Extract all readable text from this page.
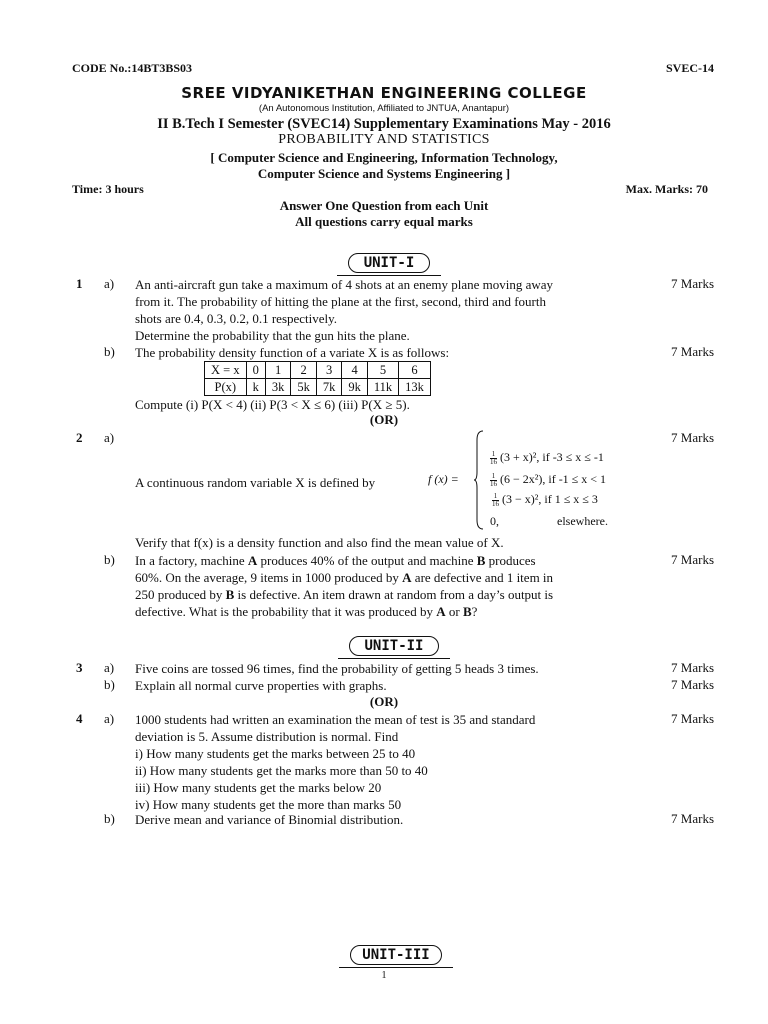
CODE No.:14BT3BS03	SVEC-14
SREE VIDYANIKETHAN ENGINEERING COLLEGE
(An Autonomous Institution, Affiliated to JNTUA, Anantapur)
II B.Tech I Semester (SVEC14) Supplementary Examinations May - 2016
PROBABILITY AND STATISTICS
[ Computer Science and Engineering, Information Technology,
Computer Science and Systems Engineering ]
Time: 3 hours	Max. Marks: 70
Answer One Question from each Unit
All questions carry equal marks
UNIT-I
1 a) An anti-aircraft gun take a maximum of 4 shots at an enemy plane moving away
from it. The probability of hitting the plane at the first, second, third and fourth
shots are 0.4, 0.3, 0.2, 0.1 respectively.
Determine the probability that the gun hits the plane.
7 Marks
b) The probability density function of a variate X is as follows:	7 Marks
X = x	0	1	2	3	4	5	6
P(x)	k	3k	5k	7k	9k	11k	13k
Compute (i) P(X < 4) (ii) P(3 < X ≤ 6) (iii) P(X ≥ 5).
(OR)
2 a)	7 Marks
A continuous random variable X is defined by	f (x) =
$\frac{1}{16} (3 + x)^2$, if -3 ≤ x ≤ -1
$\frac{1}{16} (6 - 2x^2)$, if -1 ≤ x < 1
$\frac{1}{16} (3 - x)^2$, if 1 ≤ x ≤ 3
0,	elsewhere.
Verify that f(x) is a density function and also find the mean value of X.
b)	7 Marks
In a factory, machine A produces 40% of the output and machine B produces
60%. On the average, 9 items in 1000 produced by A are defective and 1 item in
250 produced by B is defective. An item drawn at random from a day’s output is
defective. What is the probability that it was produced by A or B?
UNIT-II
3 a) Five coins are tossed 96 times, find the probability of getting 5 heads 3 times.	7 Marks
b) Explain all normal curve properties with graphs.	7 Marks
(OR)
4 a) 1000 students had written an examination the mean of test is 35 and standard
deviation is 5. Assume distribution is normal. Find
i) How many students get the marks between 25 to 40
ii) How many students get the marks more than 50 to 40
iii) How many students get the marks below 20
iv) How many students get the more than marks 50
7 Marks
b) Derive mean and variance of Binomial distribution.	7 Marks
UNIT-III
1
